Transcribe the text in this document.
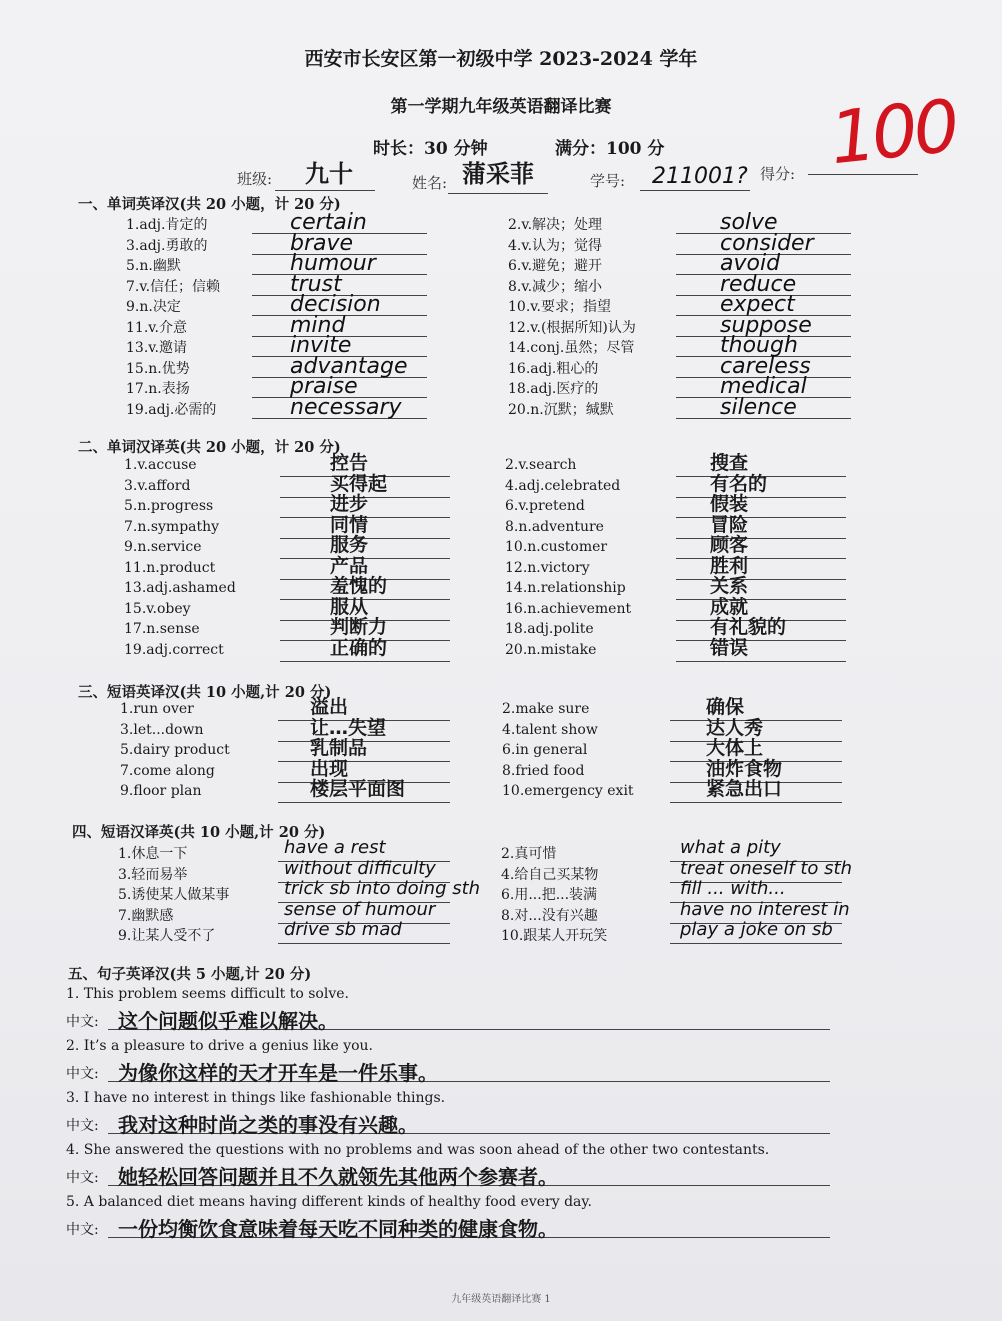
西安市长安区第一初级中学 2023-2024 学年
第一学期九年级英语翻译比赛
时长：30 分钟	满分：100 分
班级: 九十	姓名: 蒲采菲	学号: 211001? 得分: 100
一、单词英译汉(共 20 小题，计 20 分)
1.adj.肯定的	certain	2.v.解决；处理	solve
3.adj.勇敢的	brave	4.v.认为；觉得	consider
5.n.幽默	humour	6.v.避免；避开	avoid
7.v.信任；信赖	trust	8.v.减少；缩小	reduce
9.n.决定	decision	10.v.要求；指望	expect
11.v.介意	mind	12.v.(根据所知)认为	suppose
13.v.邀请	invite	14.conj.虽然；尽管	though
15.n.优势	advantage	16.adj.粗心的	careless
17.n.表扬	praise	18.adj.医疗的	medical
19.adj.必需的	necessary	20.n.沉默；缄默	silence
二、单词汉译英(共 20 小题，计 20 分)
1.v.accuse	控告	2.v.search	搜查
3.v.afford	买得起	4.adj.celebrated	有名的
5.n.progress	进步	6.v.pretend	假装
7.n.sympathy	同情	8.n.adventure	冒险
9.n.service	服务	10.n.customer	顾客
11.n.product	产品	12.n.victory	胜利
13.adj.ashamed	羞愧的	14.n.relationship	关系
15.v.obey	服从	16.n.achievement	成就
17.n.sense	判断力	18.adj.polite	有礼貌的
19.adj.correct	正确的	20.n.mistake	错误
三、短语英译汉(共 10 小题,计 20 分)
1.run over	溢出	2.make sure	确保
3.let...down	让…失望	4.talent show	达人秀
5.dairy product	乳制品	6.in general	大体上
7.come along	出现	8.fried food	油炸食物
9.floor plan	楼层平面图	10.emergency exit	紧急出口
四、短语汉译英(共 10 小题,计 20 分)
1.休息一下	have a rest	2.真可惜	what a pity
3.轻而易举	without difficulty	4.给自己买某物	treat oneself to sth
5.诱使某人做某事	trick sb into doing sth 6.用...把...装满	fill ... with...
7.幽默感	sense of humour	8.对...没有兴趣	have no interest in
9.让某人受不了	drive sb mad	10.跟某人开玩笑	play a joke on sb
五、句子英译汉(共 5 小题,计 20 分)
1. This problem seems difficult to solve.
中文: 这个问题似乎难以解决。
2. It’s a pleasure to drive a genius like you.
中文: 为像你这样的天才开车是一件乐事。
3. I have no interest in things like fashionable things.
中文: 我对这种时尚之类的事没有兴趣。
4. She answered the questions with no problems and was soon ahead of the other two contestants.
中文: 她轻松回答问题并且不久就领先其他两个参赛者。
5. A balanced diet means having different kinds of healthy food every day.
中文: 一份均衡饮食意味着每天吃不同种类的健康食物。
九年级英语翻译比赛 1
